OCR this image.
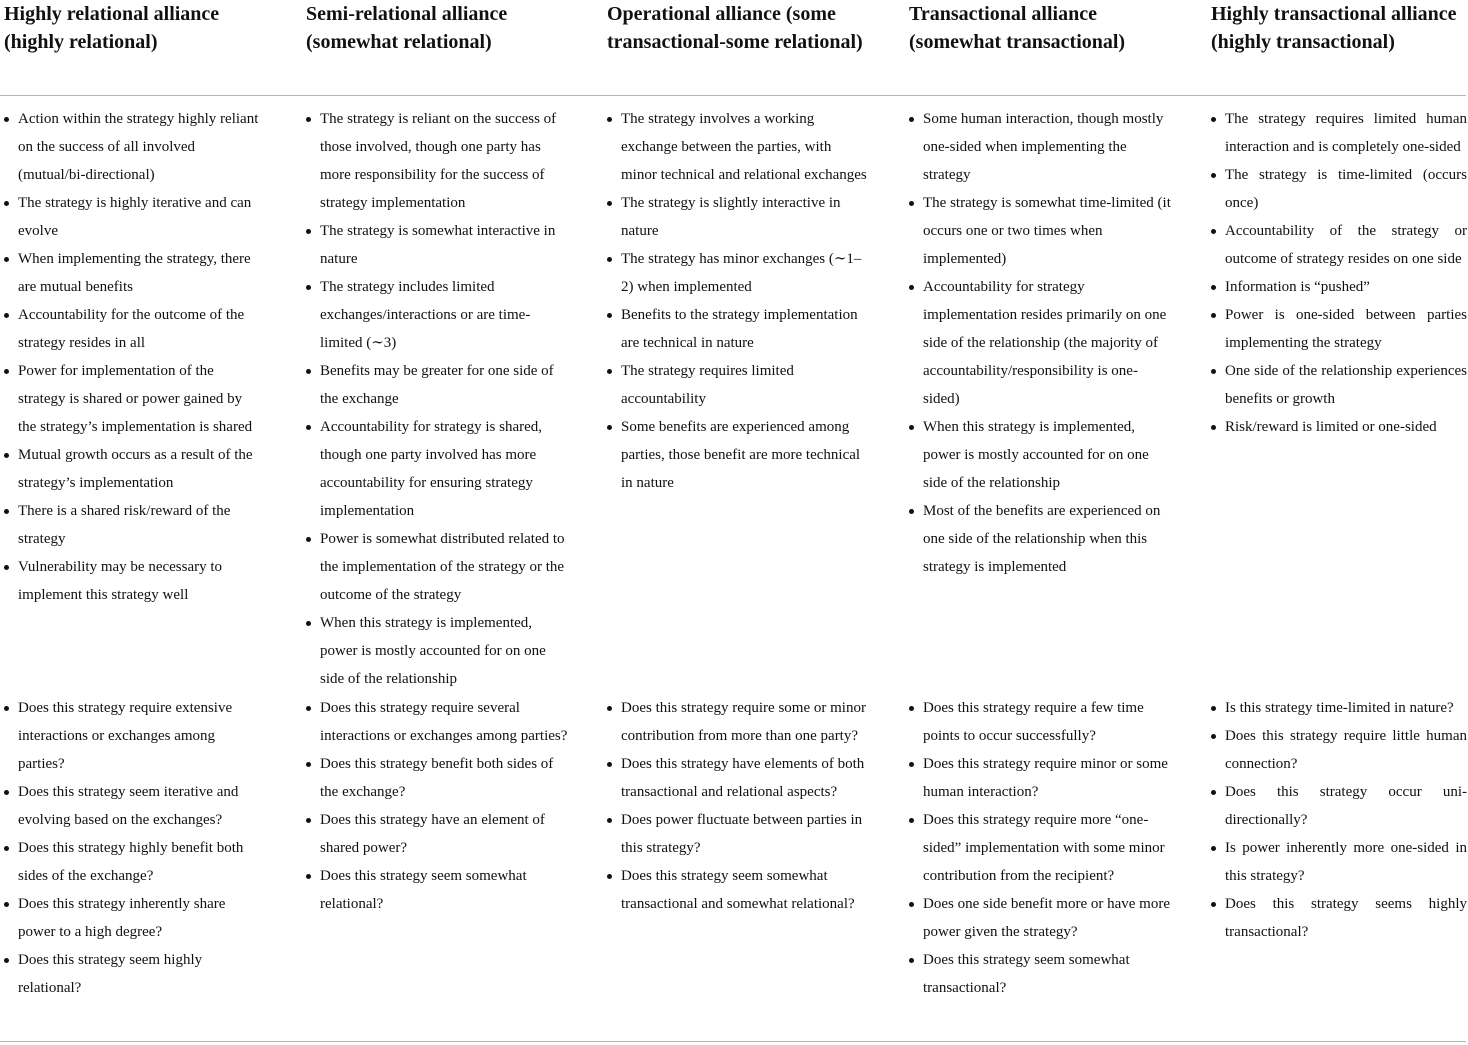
Highly relational alliance (highly relational)
Action within the strategy highly reliant on the success of all involved (mutual/bi-directional)
The strategy is highly iterative and can evolve
When implementing the strategy, there are mutual benefits
Accountability for the outcome of the strategy resides in all
Power for implementation of the strategy is shared or power gained by the strategy’s implementation is shared
Mutual growth occurs as a result of the strategy’s implementation
There is a shared risk/reward of the strategy
Vulnerability may be necessary to implement this strategy well
Does this strategy require extensive interactions or exchanges among parties?
Does this strategy seem iterative and evolving based on the exchanges?
Does this strategy highly benefit both sides of the exchange?
Does this strategy inherently share power to a high degree?
Does this strategy seem highly relational?
Semi-relational alliance (somewhat relational)
The strategy is reliant on the success of those involved, though one party has more responsibility for the success of strategy implementation
The strategy is somewhat interactive in nature
The strategy includes limited exchanges/interactions or are time-limited (∼3)
Benefits may be greater for one side of the exchange
Accountability for strategy is shared, though one party involved has more accountability for ensuring strategy implementation
Power is somewhat distributed related to the implementation of the strategy or the outcome of the strategy
When this strategy is implemented, power is mostly accounted for on one side of the relationship
Does this strategy require several interactions or exchanges among parties?
Does this strategy benefit both sides of the exchange?
Does this strategy have an element of shared power?
Does this strategy seem somewhat relational?
Operational alliance (some transactional-some relational)
The strategy involves a working exchange between the parties, with minor technical and relational exchanges
The strategy is slightly interactive in nature
The strategy has minor exchanges (∼1–2) when implemented
Benefits to the strategy implementation are technical in nature
The strategy requires limited accountability
Some benefits are experienced among parties, those benefit are more technical in nature
Does this strategy require some or minor contribution from more than one party?
Does this strategy have elements of both transactional and relational aspects?
Does power fluctuate between parties in this strategy?
Does this strategy seem somewhat transactional and somewhat relational?
Transactional alliance (somewhat transactional)
Some human interaction, though mostly one-sided when implementing the strategy
The strategy is somewhat time-limited (it occurs one or two times when implemented)
Accountability for strategy implementation resides primarily on one side of the relationship (the majority of accountability/responsibility is one-sided)
When this strategy is implemented, power is mostly accounted for on one side of the relationship
Most of the benefits are experienced on one side of the relationship when this strategy is implemented
Does this strategy require a few time points to occur successfully?
Does this strategy require minor or some human interaction?
Does this strategy require more “one-sided” implementation with some minor contribution from the recipient?
Does one side benefit more or have more power given the strategy?
Does this strategy seem somewhat transactional?
Highly transactional alliance (highly transactional)
The strategy requires limited human interaction and is completely one-sided
The strategy is time-limited (occurs once)
Accountability of the strategy or outcome of strategy resides on one side
Information is “pushed”
Power is one-sided between parties implementing the strategy
One side of the relationship experiences benefits or growth
Risk/reward is limited or one-sided
Is this strategy time-limited in nature?
Does this strategy require little human connection?
Does this strategy occur uni-directionally?
Is power inherently more one-sided in this strategy?
Does this strategy seems highly transactional?
